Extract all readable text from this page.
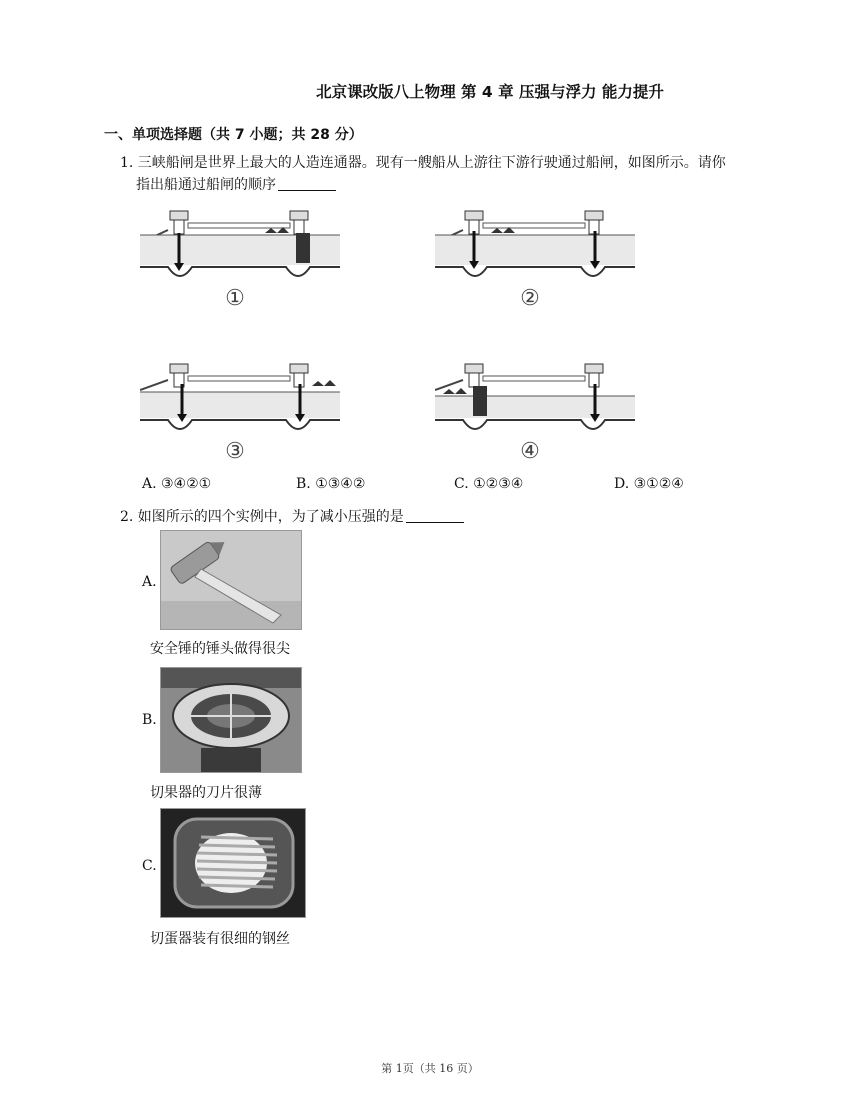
北京课改版八上物理 第 4 章 压强与浮力 能力提升
一、单项选择题（共 7 小题；共 28 分）
1. 三峡船闸是世界上最大的人造连通器。现有一艘船从上游往下游行驶通过船闸，如图所示。请你
指出船通过船闸的顺序
①	②
③	④
A. ③④②①	B. ①③④②	C. ①②③④	D. ③①②④
2. 如图所示的四个实例中，为了减小压强的是
A.
安全锤的锤头做得很尖
B.
切果器的刀片很薄
C.
切蛋器装有很细的钢丝
第 1页（共 16 页）
